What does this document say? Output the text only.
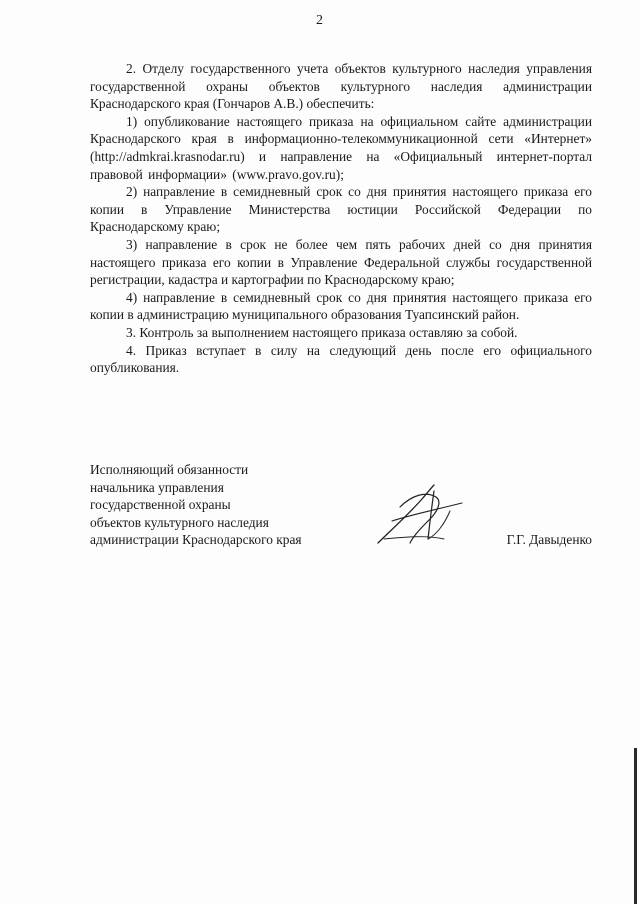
2

2. Отделу государственного учета объектов культурного наследия управления государственной охраны объектов культурного наследия администрации Краснодарского края (Гончаров А.В.) обеспечить:

1) опубликование настоящего приказа на официальном сайте администрации Краснодарского края в информационно-телекоммуникационной сети «Интернет» (http://admkrai.krasnodar.ru) и направление на «Официальный интернет-портал правовой информации» (www.pravo.gov.ru);

2) направление в семидневный срок со дня принятия настоящего приказа его копии в Управление Министерства юстиции Российской Федерации по Краснодарскому краю;

3) направление в срок не более чем пять рабочих дней со дня принятия настоящего приказа его копии в Управление Федеральной службы государственной регистрации, кадастра и картографии по Краснодарскому краю;

4) направление в семидневный срок со дня принятия настоящего приказа его копии в администрацию муниципального образования Туапсинский район.

3. Контроль за выполнением настоящего приказа оставляю за собой.

4. Приказ вступает в силу на следующий день после его официального опубликования.

Исполняющий обязанности
начальника управления
государственной охраны
объектов культурного наследия
администрации Краснодарского края	Г.Г. Давыденко
